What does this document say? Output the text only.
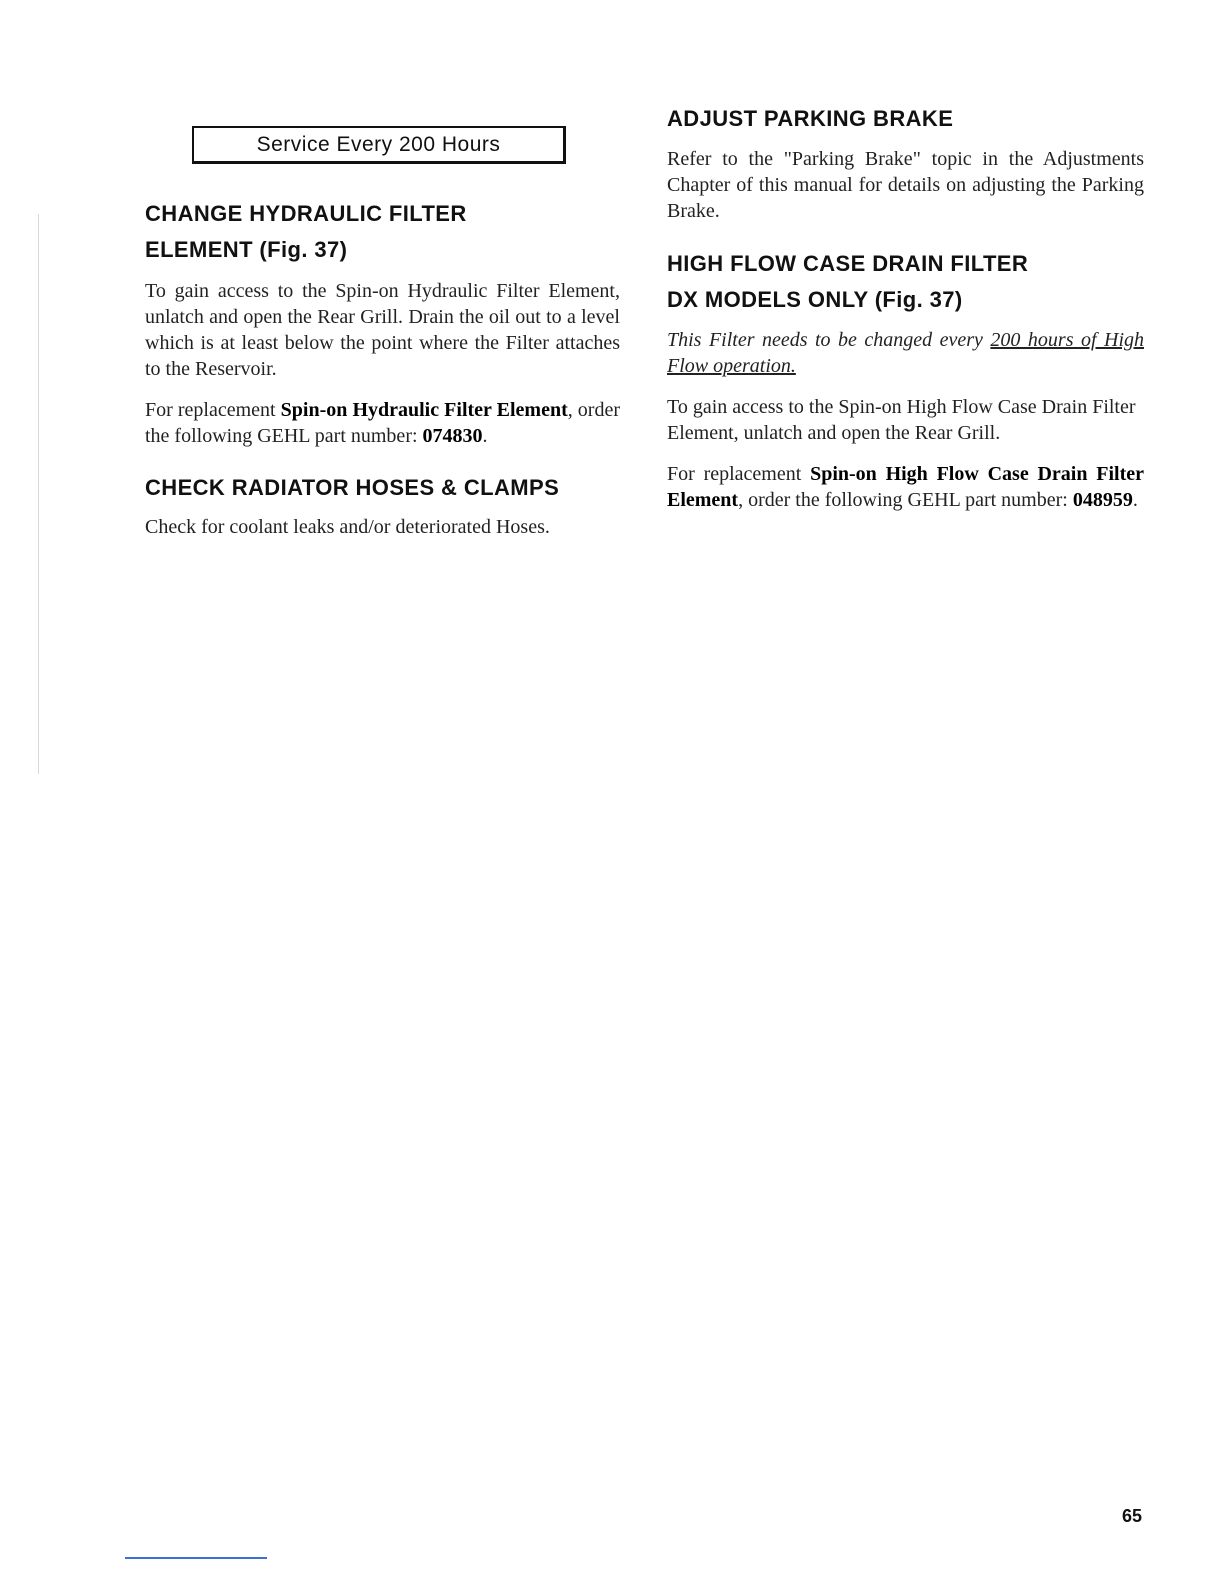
Service Every 200 Hours
CHANGE HYDRAULIC FILTER
ELEMENT (Fig. 37)

To gain access to the Spin-on Hydraulic Filter Element, unlatch and open the Rear Grill. Drain the oil out to a level which is at least below the point where the Filter attaches to the Reservoir.

For replacement Spin-on Hydraulic Filter Element, order the following GEHL part number: 074830.

CHECK RADIATOR HOSES & CLAMPS

Check for coolant leaks and/or deteriorated Hoses.

ADJUST PARKING BRAKE

Refer to the "Parking Brake" topic in the Adjustments Chapter of this manual for details on adjusting the Parking Brake.

HIGH FLOW CASE DRAIN FILTER
DX MODELS ONLY (Fig. 37)

This Filter needs to be changed every 200 hours of High Flow operation.

To gain access to the Spin-on High Flow Case Drain Filter Element, unlatch and open the Rear Grill.

For replacement Spin-on High Flow Case Drain Filter Element, order the following GEHL part number: 048959.

65
